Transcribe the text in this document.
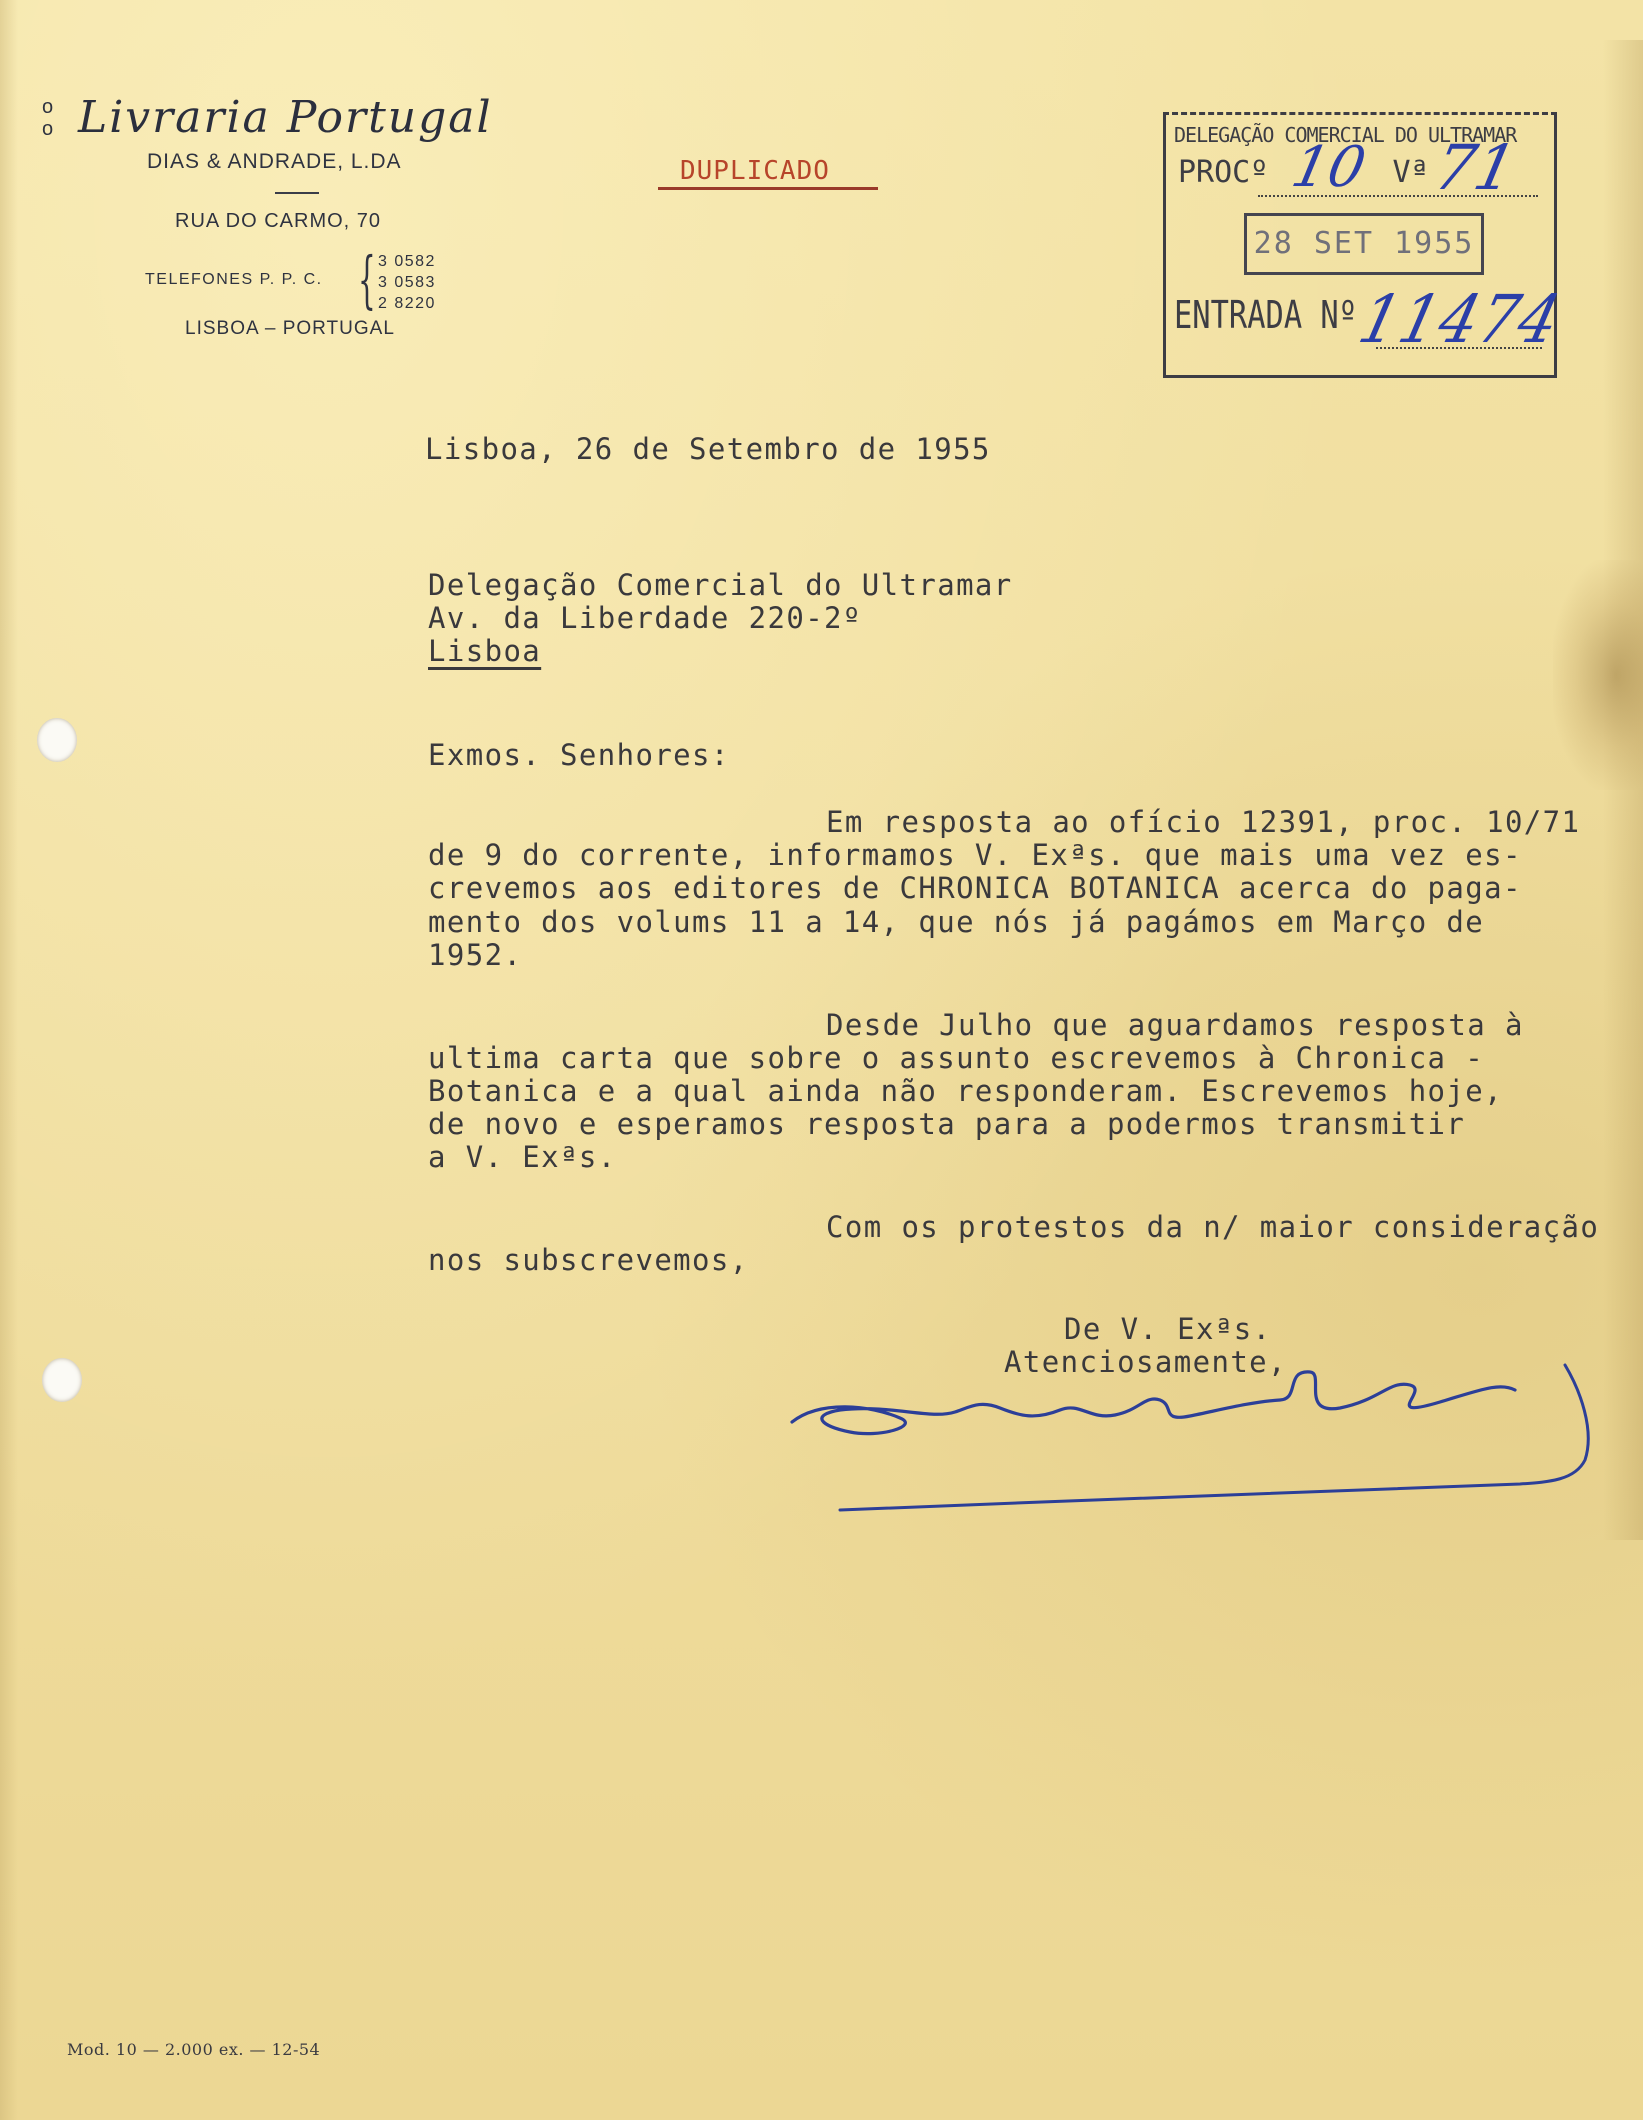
o
o Livraria Portugal
DIAS & ANDRADE, L.DA
RUA DO CARMO, 70
TELEFONES P. P. C. { 3 0582
3 0583
2 8220
LISBOA – PORTUGAL
DUPLICADO
DELEGAÇÃO COMERCIAL DO ULTRAMAR
PROCº	Vª
10 71
28 SET 1955
ENTRADA Nº
11474
Lisboa, 26 de Setembro de 1955
Delegação Comercial do Ultramar
Av. da Liberdade 220-2º
Lisboa
Exmos. Senhores:
Em resposta ao ofício 12391, proc. 10/71
de 9 do corrente, informamos V. Exªs. que mais uma vez es-
crevemos aos editores de CHRONICA BOTANICA acerca do paga-
mento dos volums 11 a 14, que nós já pagámos em Março de
1952.
Desde Julho que aguardamos resposta à
ultima carta que sobre o assunto escrevemos à Chronica -
Botanica e a qual ainda não responderam. Escrevemos hoje,
de novo e esperamos resposta para a podermos transmitir
a V. Exªs.
Com os protestos da n/ maior consideração
nos subscrevemos,
De V. Exªs.
Atenciosamente,
Mod. 10 — 2.000 ex. — 12-54
